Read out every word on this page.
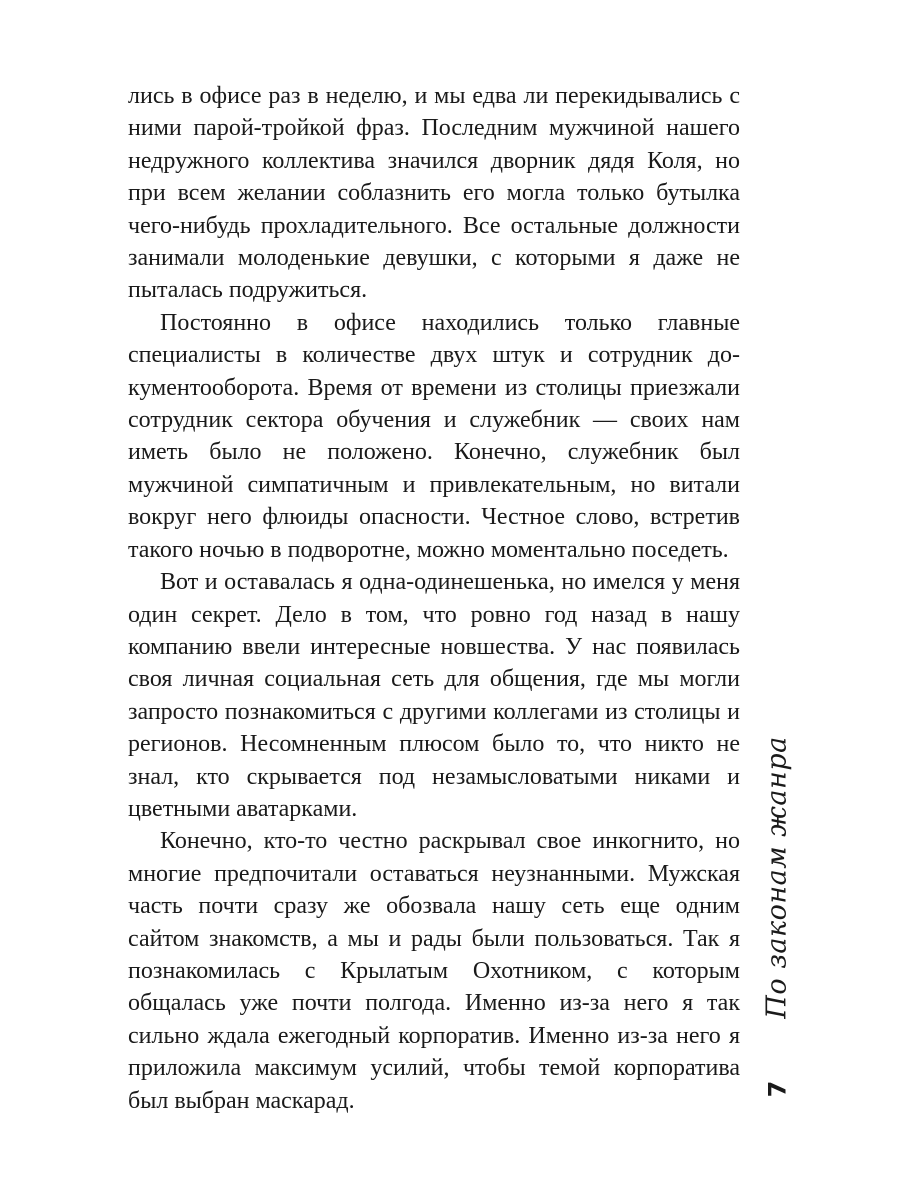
лись в офисе раз в неделю, и мы едва ли перекидывались с ними парой-тройкой фраз. Последним мужчиной нашего недружного коллектива значился дворник дядя Коля, но при всем желании соблазнить его могла только бутылка чего-нибудь прохладительного. Все остальные должности занимали молоденькие девушки, с которыми я даже не пыталась подружиться.

Постоянно в офисе находились только главные специалисты в количестве двух штук и сотрудник документооборота. Время от времени из столицы приезжали сотрудник сектора обучения и служебник — своих нам иметь было не положено. Конечно, служебник был мужчиной симпатичным и привлекательным, но витали вокруг него флюиды опасности. Честное слово, встретив такого ночью в подворотне, можно моментально поседеть.

Вот и оставалась я одна-одинешенька, но имелся у меня один секрет. Дело в том, что ровно год назад в нашу компанию ввели интересные новшества. У нас появилась своя личная социальная сеть для общения, где мы могли запросто познакомиться с другими коллегами из столицы и регионов. Несомненным плюсом было то, что никто не знал, кто скрывается под незамысловатыми никами и цветными аватарками.

Конечно, кто-то честно раскрывал свое инкогнито, но многие предпочитали оставаться неузнанными. Мужская часть почти сразу же обозвала нашу сеть еще одним сайтом знакомств, а мы и рады были пользоваться. Так я познакомилась с Крылатым Охотником, с которым общалась уже почти полгода. Именно из-за него я так сильно ждала ежегодный корпоратив. Именно из-за него я приложила максимум усилий, чтобы темой корпоратива был выбран маскарад.

По законам жанра
7
